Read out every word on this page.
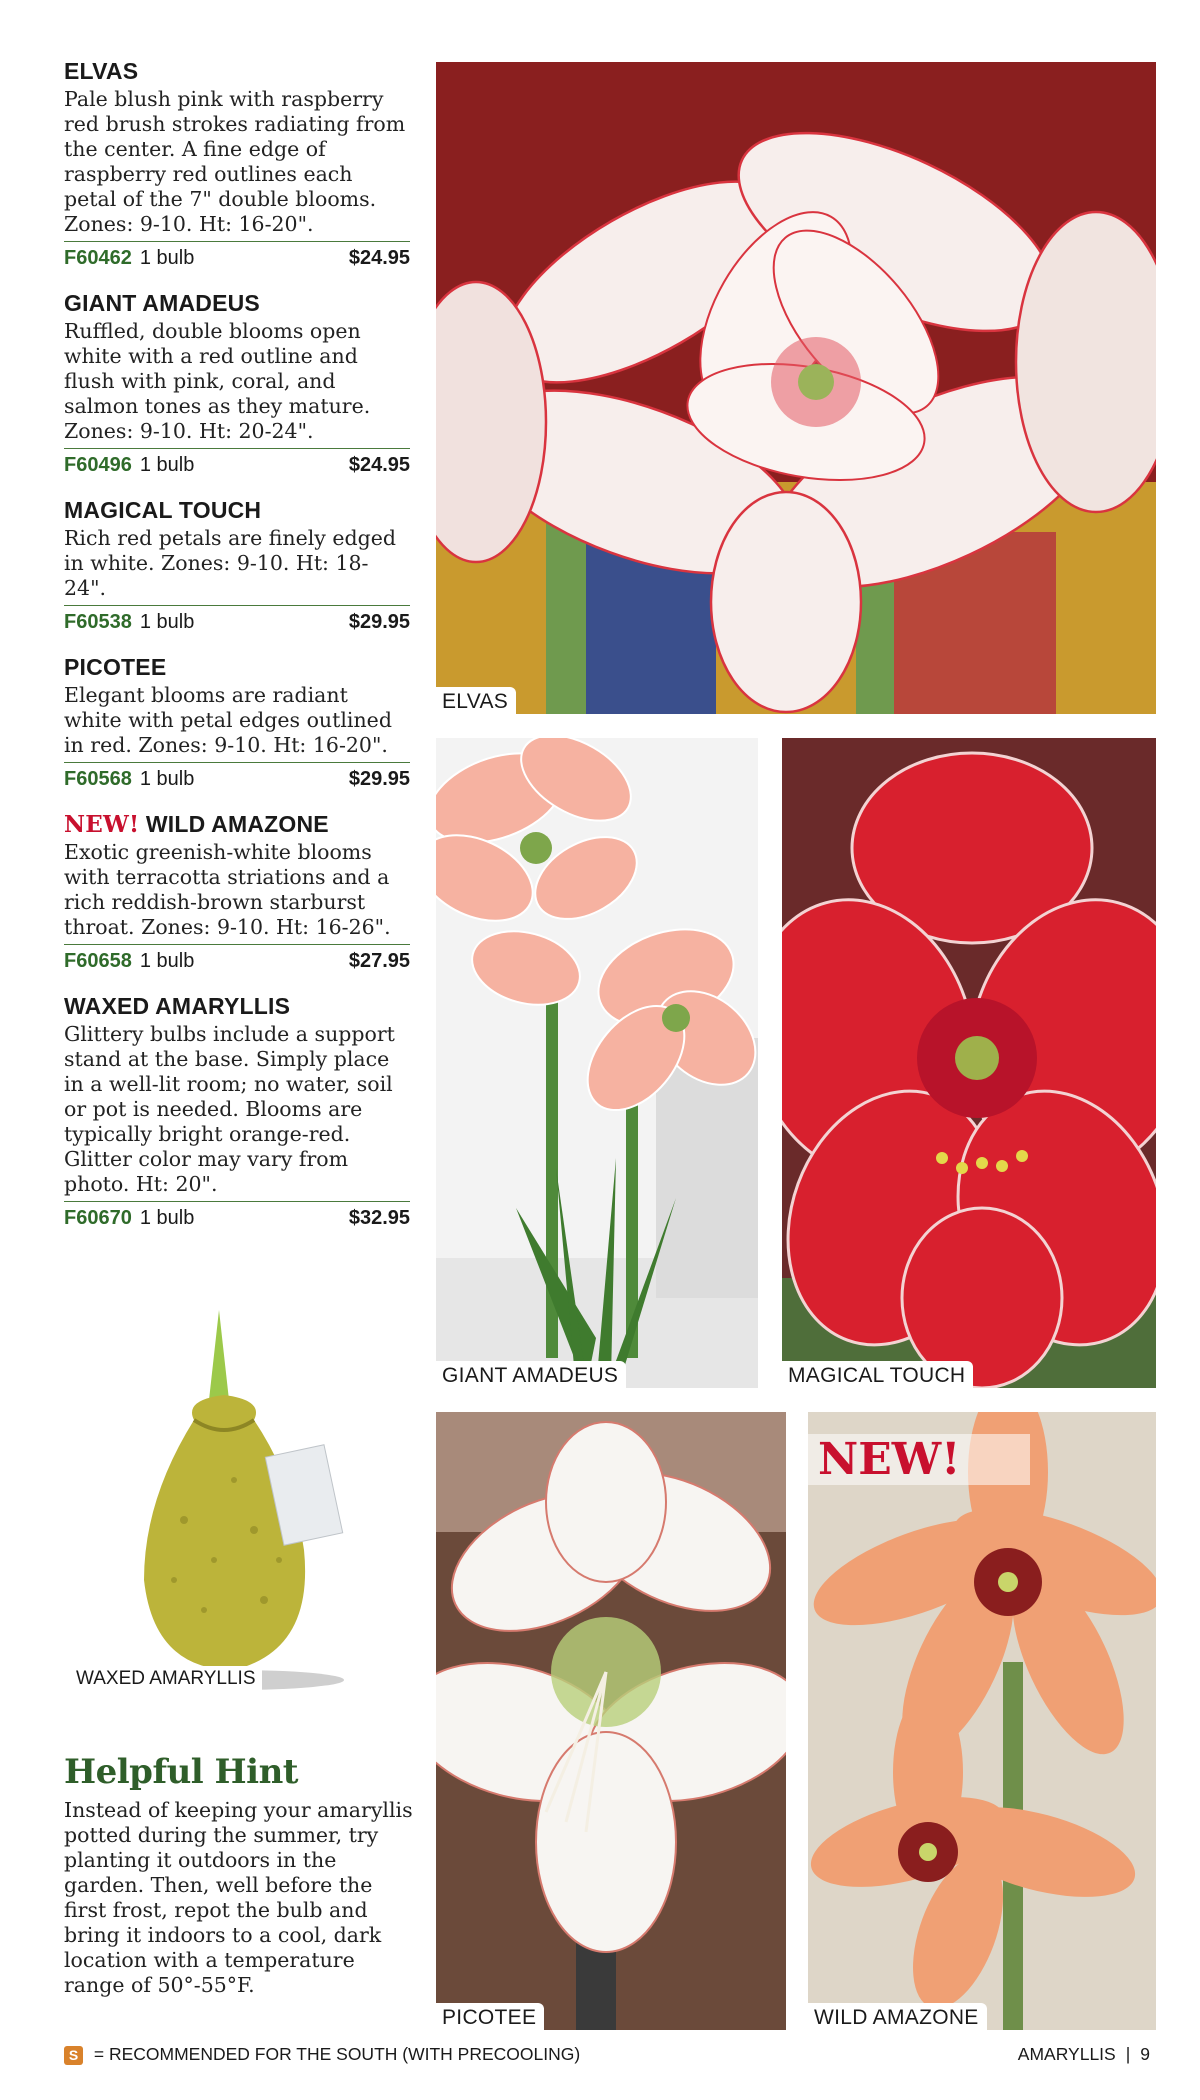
ELVAS

Pale blush pink with raspberry red brush strokes radiating from the center. A fine edge of raspberry red outlines each petal of the 7" double blooms. Zones: 9-10. Ht: 16-20".

F60462 1 bulb	$24.95
GIANT AMADEUS

Ruffled, double blooms open white with a red outline and flush with pink, coral, and salmon tones as they mature. Zones: 9-10. Ht: 20-24".

F60496 1 bulb	$24.95
MAGICAL TOUCH

Rich red petals are finely edged in white. Zones: 9-10. Ht: 18-24".

F60538 1 bulb	$29.95
PICOTEE

Elegant blooms are radiant white with petal edges outlined in red. Zones: 9-10. Ht: 16-20".

F60568 1 bulb	$29.95
NEW! WILD AMAZONE

Exotic greenish-white blooms with terracotta striations and a rich reddish-brown starburst throat. Zones: 9-10. Ht: 16-26".

F60658 1 bulb	$27.95
WAXED AMARYLLIS

Glittery bulbs include a support stand at the base. Simply place in a well-lit room; no water, soil or pot is needed. Blooms are typically bright orange-red. Glitter color may vary from photo. Ht: 20".

F60670 1 bulb	$32.95
ELVAS
GIANT AMADEUS	MAGICAL TOUCH
WAXED AMARYLLIS
PICOTEE
NEW!
WILD AMAZONE
Helpful Hint

Instead of keeping your amaryllis potted during the summer, try planting it outdoors in the garden. Then, well before the first frost, repot the bulb and bring it indoors to a cool, dark location with a temperature range of 50°-55°F.

S = RECOMMENDED FOR THE SOUTH (WITH PRECOOLING)	AMARYLLIS | 9
